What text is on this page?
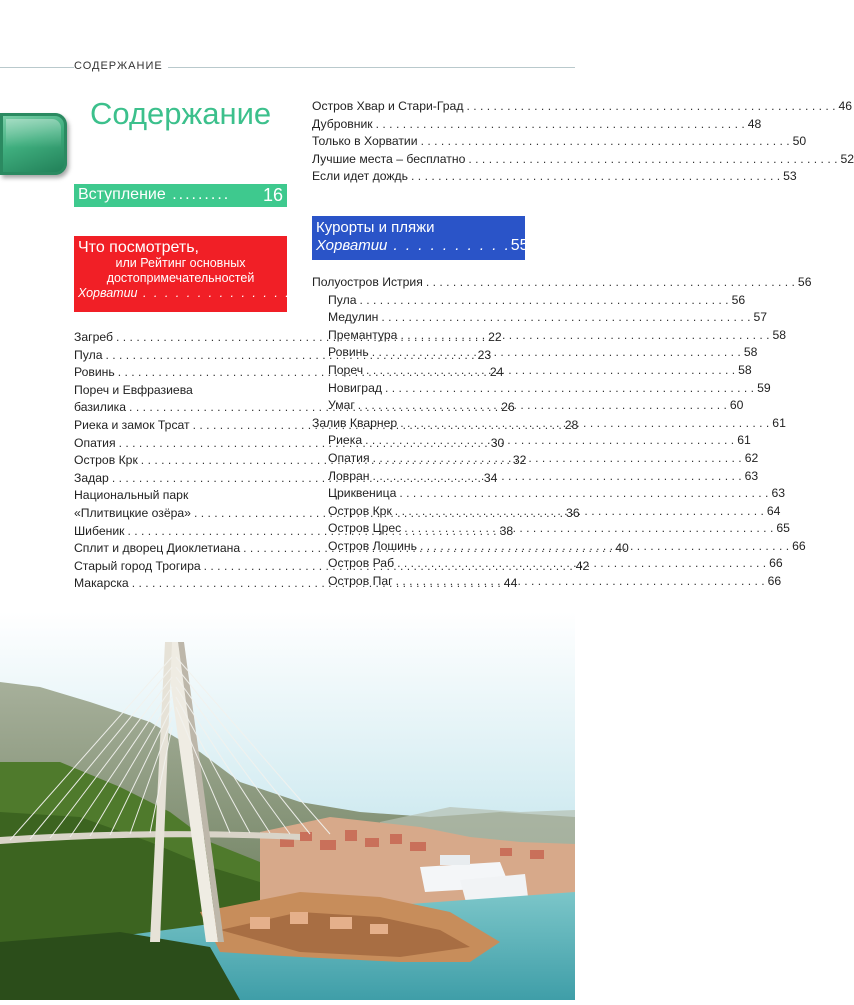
СОДЕРЖАНИЕ
Содержание
Вступление ......... 16
Что посмотреть,
или Рейтинг основных
достопримечательностей
Хорватии . . . . . . . . . . . . . . . 21
Загреб . . .	22
Пула . . .	23
Ровинь . . .	24
Пореч и Евфразиева
базилика . . .	26
Риека и замок Трсат . . .	28
Опатия . . .	30
Остров Крк . . .	32
Задар . . .	34
Национальный парк
«Плитвицкие озёра» . . .	36
Шибеник . . .	38
Сплит и дворец Диоклетиана . . .	40
Старый город Трогира . . .	42
Макарска . . .	44
Остров Хвар и Стари-Град . . .	46
Дубровник . . .	48
Только в Хорватии . . .	50
Лучшие места – бесплатно . . .	52
Если идет дождь . . .	53
Курорты и пляжи
Хорватии . . . . . . . . . . 55
Полуостров Истрия . . .	56
Пула . . .	56
Медулин . . .	57
Премантура . . .	58
Ровинь . . .	58
Пореч . . .	58
Новиград . . .	59
Умаг . . .	60
Залив Кварнер . . .	61
Риека . . .	61
Опатия . . .	62
Ловран . . .	63
Цриквеница . . .	63
Остров Крк . . .	64
Остров Црес . . .	65
Остров Лошинь . . .	66
Остров Раб . . .	66
Остров Паг . . .	66
